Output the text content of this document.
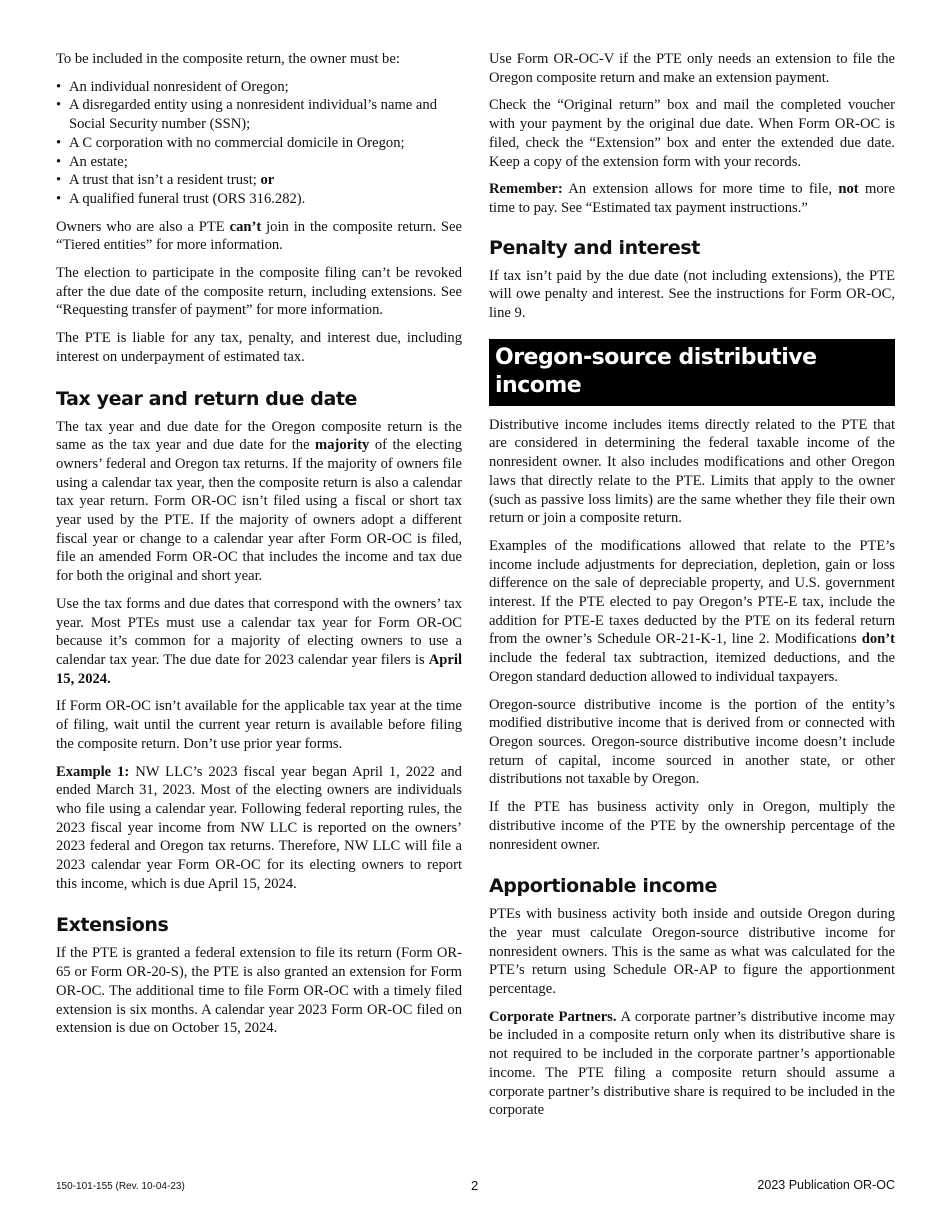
To be included in the composite return, the owner must be:

• An individual nonresident of Oregon;
• A disregarded entity using a nonresident individual’s name and Social Security number (SSN);
• A C corporation with no commercial domicile in Oregon;
• An estate;
• A trust that isn’t a resident trust; or
• A qualified funeral trust (ORS 316.282).

Owners who are also a PTE can’t join in the composite return. See “Tiered entities” for more information.

The election to participate in the composite filing can’t be revoked after the due date of the composite return, including extensions. See “Requesting transfer of payment” for more information.

The PTE is liable for any tax, penalty, and interest due, including interest on underpayment of estimated tax.

Tax year and return due date

The tax year and due date for the Oregon composite return is the same as the tax year and due date for the majority of the electing owners’ federal and Oregon tax returns. If the majority of owners file using a calendar tax year, then the composite return is also a calendar tax year return. Form OR-OC isn’t filed using a fiscal or short tax year used by the PTE. If the majority of owners adopt a different fiscal year or change to a calendar year after Form OR-OC is filed, file an amended Form OR-OC that includes the income and tax due for both the original and short year.

Use the tax forms and due dates that correspond with the owners’ tax year. Most PTEs must use a calendar tax year for Form OR-OC because it’s common for a majority of electing owners to use a calendar tax year. The due date for 2023 calendar year filers is April 15, 2024.

If Form OR-OC isn’t available for the applicable tax year at the time of filing, wait until the current year return is available before filing the composite return. Don’t use prior year forms.

Example 1: NW LLC’s 2023 fiscal year began April 1, 2022 and ended March 31, 2023. Most of the electing owners are individuals who file using a calendar year. Following federal reporting rules, the 2023 fiscal year income from NW LLC is reported on the owners’ 2023 federal and Oregon tax returns. Therefore, NW LLC will file a 2023 calendar year Form OR-OC for its electing owners to report this income, which is due April 15, 2024.

Extensions

If the PTE is granted a federal extension to file its return (Form OR-65 or Form OR-20-S), the PTE is also granted an extension for Form OR-OC. The additional time to file Form OR-OC with a timely filed extension is six months. A calendar year 2023 Form OR-OC filed on extension is due on October 15, 2024.

Use Form OR-OC-V if the PTE only needs an extension to file the Oregon composite return and make an extension payment.

Check the “Original return” box and mail the completed voucher with your payment by the original due date. When Form OR-OC is filed, check the “Extension” box and enter the extended due date. Keep a copy of the extension form with your records.

Remember: An extension allows for more time to file, not more time to pay. See “Estimated tax payment instructions.”

Penalty and interest

If tax isn’t paid by the due date (not including extensions), the PTE will owe penalty and interest. See the instructions for Form OR-OC, line 9.

Oregon-source distributive income

Distributive income includes items directly related to the PTE that are considered in determining the federal taxable income of the nonresident owner. It also includes modifications and other Oregon laws that directly relate to the PTE. Limits that apply to the owner (such as passive loss limits) are the same whether they file their own return or join a composite return.

Examples of the modifications allowed that relate to the PTE’s income include adjustments for depreciation, depletion, gain or loss difference on the sale of depreciable property, and U.S. government interest. If the PTE elected to pay Oregon’s PTE-E tax, include the addition for PTE-E taxes deducted by the PTE on its federal return from the owner’s Schedule OR-21-K-1, line 2. Modifications don’t include the federal tax subtraction, itemized deductions, and the Oregon standard deduction allowed to individual taxpayers.

Oregon-source distributive income is the portion of the entity’s modified distributive income that is derived from or connected with Oregon sources. Oregon-source distributive income doesn’t include return of capital, income sourced in another state, or other distributions not taxable by Oregon.

If the PTE has business activity only in Oregon, multiply the distributive income of the PTE by the ownership percentage of the nonresident owner.

Apportionable income

PTEs with business activity both inside and outside Oregon during the year must calculate Oregon-source distributive income for nonresident owners. This is the same as what was calculated for the PTE’s return using Schedule OR-AP to figure the apportionment percentage.

Corporate Partners. A corporate partner’s distributive income may be included in a composite return only when its distributive share is not required to be included in the corporate partner’s apportionable income. The PTE filing a composite return should assume a corporate partner’s distributive share is required to be included in the corporate

150-101-155 (Rev. 10-04-23)	2	2023 Publication OR-OC
